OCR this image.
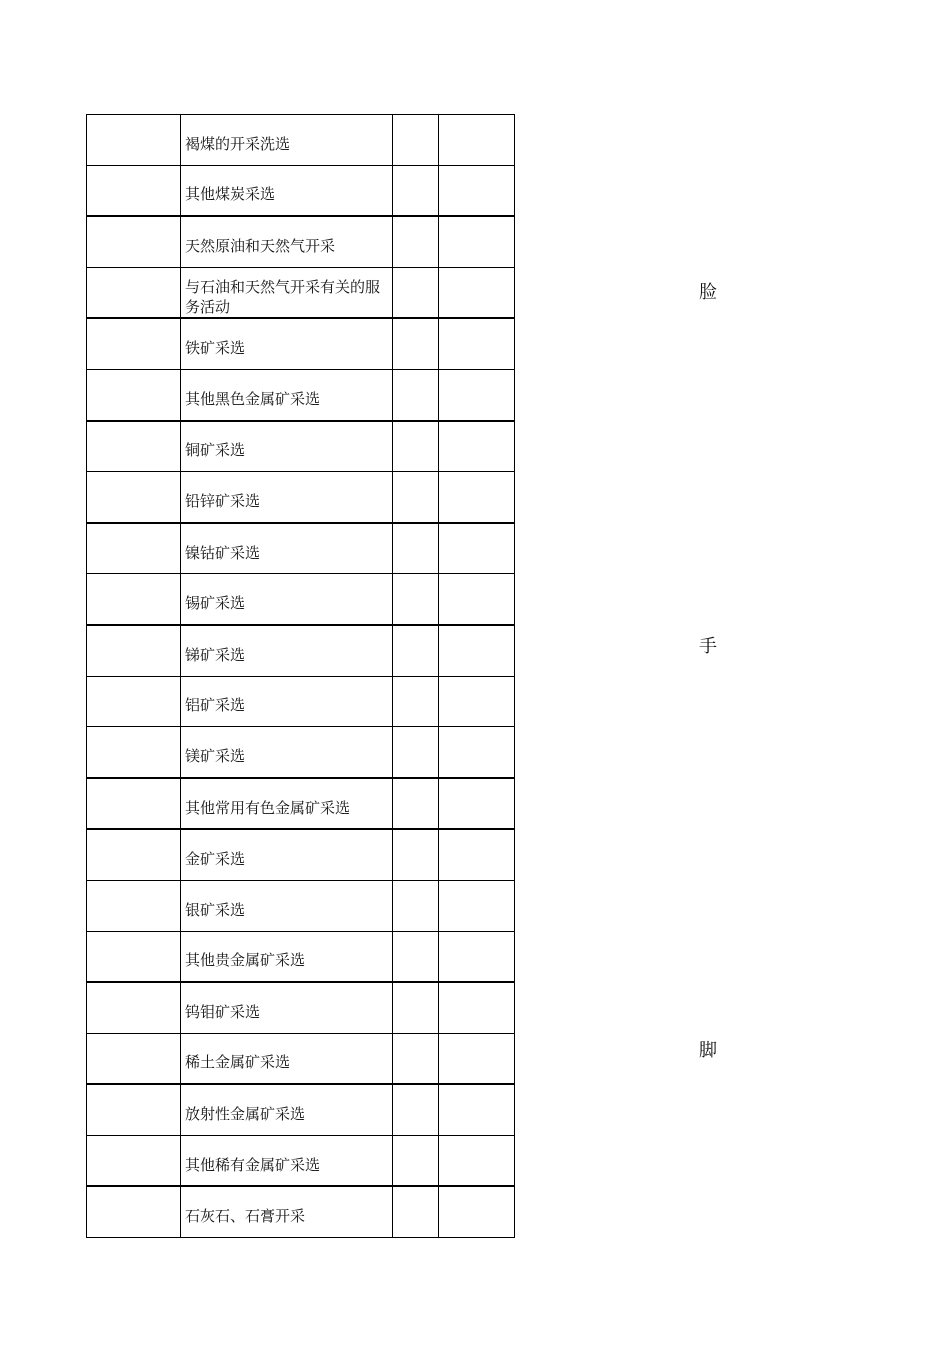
	褐煤的开采洗选		

	其他煤炭采选		

	天然原油和天然气开采		

	与石油和天然气开采有关的服务活动		

	铁矿采选		

	其他黑色金属矿采选		

	铜矿采选		

	铅锌矿采选		

	镍钴矿采选		

	锡矿采选		

	锑矿采选		

	铝矿采选		

	镁矿采选		

	其他常用有色金属矿采选		

	金矿采选		

	银矿采选		

	其他贵金属矿采选		

	钨钼矿采选		

	稀土金属矿采选		

	放射性金属矿采选		

	其他稀有金属矿采选		

	石灰石、石膏开采		

脸
手
脚
